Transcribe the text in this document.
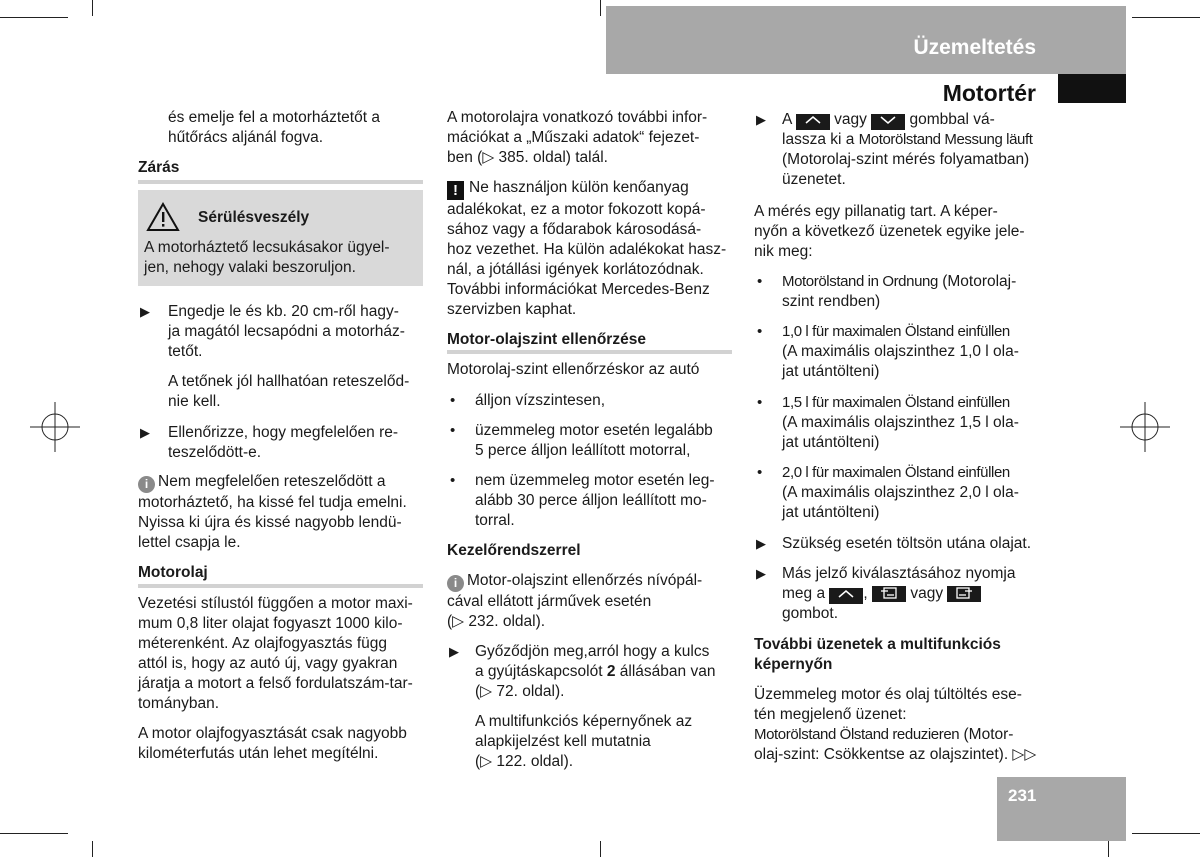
Üzemeltetés
Motortér
és emelje fel a motorháztetőt a
hűtőrács aljánál fogva.
Zárás
Sérülésveszély
A motorháztető lecsukásakor ügyel-
jen, nehogy valaki beszoruljon.
▶ Engedje le és kb. 20 cm-ről hagy-
ja magától lecsapódni a motorház-
tetőt.
A tetőnek jól hallhatóan reteszelőd-
nie kell.
▶ Ellenőrizze, hogy megfelelően re-
teszelődött-e.
i Nem megfelelően reteszelődött a
motorháztető, ha kissé fel tudja emelni.
Nyissa ki újra és kissé nagyobb lendü-
lettel csapja le.
Motorolaj
Vezetési stílustól függően a motor maxi-
mum 0,8 liter olajat fogyaszt 1000 kilo-
méterenként. Az olajfogyasztás függ
attól is, hogy az autó új, vagy gyakran
járatja a motort a felső fordulatszám-tar-
tományban.
A motor olajfogyasztását csak nagyobb
kilométerfutás után lehet megítélni.
A motorolajra vonatkozó további infor-
mációkat a „Műszaki adatok“ fejezet-
ben (▷ 385. oldal) talál.
! Ne használjon külön kenőanyag
adalékokat, ez a motor fokozott kopá-
sához vagy a fődarabok károsodásá-
hoz vezethet. Ha külön adalékokat hasz-
nál, a jótállási igények korlátozódnak.
További információkat Mercedes-Benz
szervizben kaphat.
Motor-olajszint ellenőrzése
Motorolaj-szint ellenőrzéskor az autó
• álljon vízszintesen,
• üzemmeleg motor esetén legalább
5 perce álljon leállított motorral,
• nem üzemmeleg motor esetén leg-
alább 30 perce álljon leállított mo-
torral.
Kezelőrendszerrel
i Motor-olajszint ellenőrzés nívópál-
cával ellátott járművek esetén
(▷ 232. oldal).
▶ Győződjön meg,arról hogy a kulcs
a gyújtáskapcsolót 2 állásában van
(▷ 72. oldal).
A multifunkciós képernyőnek az
alapkijelzést kell mutatnia
(▷ 122. oldal).
▶ A	vagy	gombbal vá-
lassza ki a Motorölstand Messung läuft
(Motorolaj-szint mérés folyamatban)
üzenetet.
A mérés egy pillanatig tart. A képer-
nyőn a következő üzenetek egyike jele-
nik meg:
• Motorölstand in Ordnung (Motorolaj-
szint rendben)
• 1,0 l für maximalen Ölstand einfüllen
(A maximális olajszinthez 1,0 l ola-
jat utántölteni)
• 1,5 l für maximalen Ölstand einfüllen
(A maximális olajszinthez 1,5 l ola-
jat utántölteni)
• 2,0 l für maximalen Ölstand einfüllen
(A maximális olajszinthez 2,0 l ola-
jat utántölteni)
▶ Szükség esetén töltsön utána olajat.
▶ Más jelző kiválasztásához nyomja
meg a ,	vagy
gombot.
További üzenetek a multifunkciós
képernyőn
Üzemmeleg motor és olaj túltöltés ese-
tén megjelenő üzenet:
Motorölstand Ölstand reduzieren (Motor-
olaj-szint: Csökkentse az olajszintet). ▷▷
231
